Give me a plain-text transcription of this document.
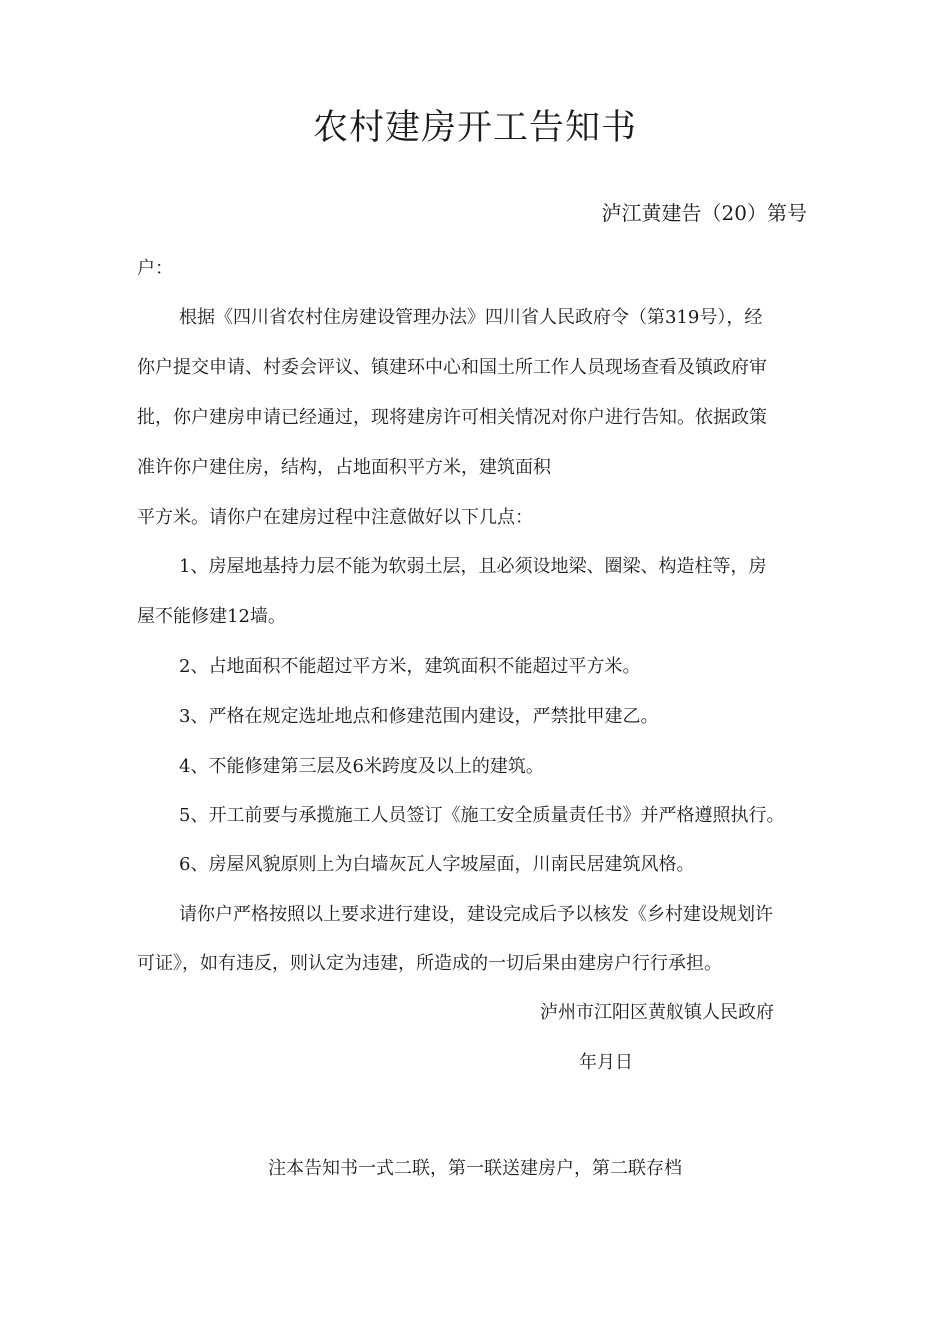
农村建房开工告知书
泸江黄建告（20）第号
户：
根据《四川省农村住房建设管理办法》四川省人民政府令（第319号），经
你户提交申请、村委会评议、镇建环中心和国土所工作人员现场查看及镇政府审
批，你户建房申请已经通过，现将建房许可相关情况对你户进行告知。依据政策
准许你户建住房，结构，占地面积平方米，建筑面积
平方米。请你户在建房过程中注意做好以下几点：
1、房屋地基持力层不能为软弱土层，且必须设地梁、圈梁、构造柱等，房
屋不能修建12墙。
2、占地面积不能超过平方米，建筑面积不能超过平方米。
3、严格在规定选址地点和修建范围内建设，严禁批甲建乙。
4、不能修建第三层及6米跨度及以上的建筑。
5、开工前要与承揽施工人员签订《施工安全质量责任书》并严格遵照执行。
6、房屋风貌原则上为白墙灰瓦人字坡屋面，川南民居建筑风格。
请你户严格按照以上要求进行建设，建设完成后予以核发《乡村建设规划许
可证》，如有违反，则认定为违建，所造成的一切后果由建房户行行承担。
泸州市江阳区黄舣镇人民政府
年月日
注本告知书一式二联，第一联送建房户，第二联存档
